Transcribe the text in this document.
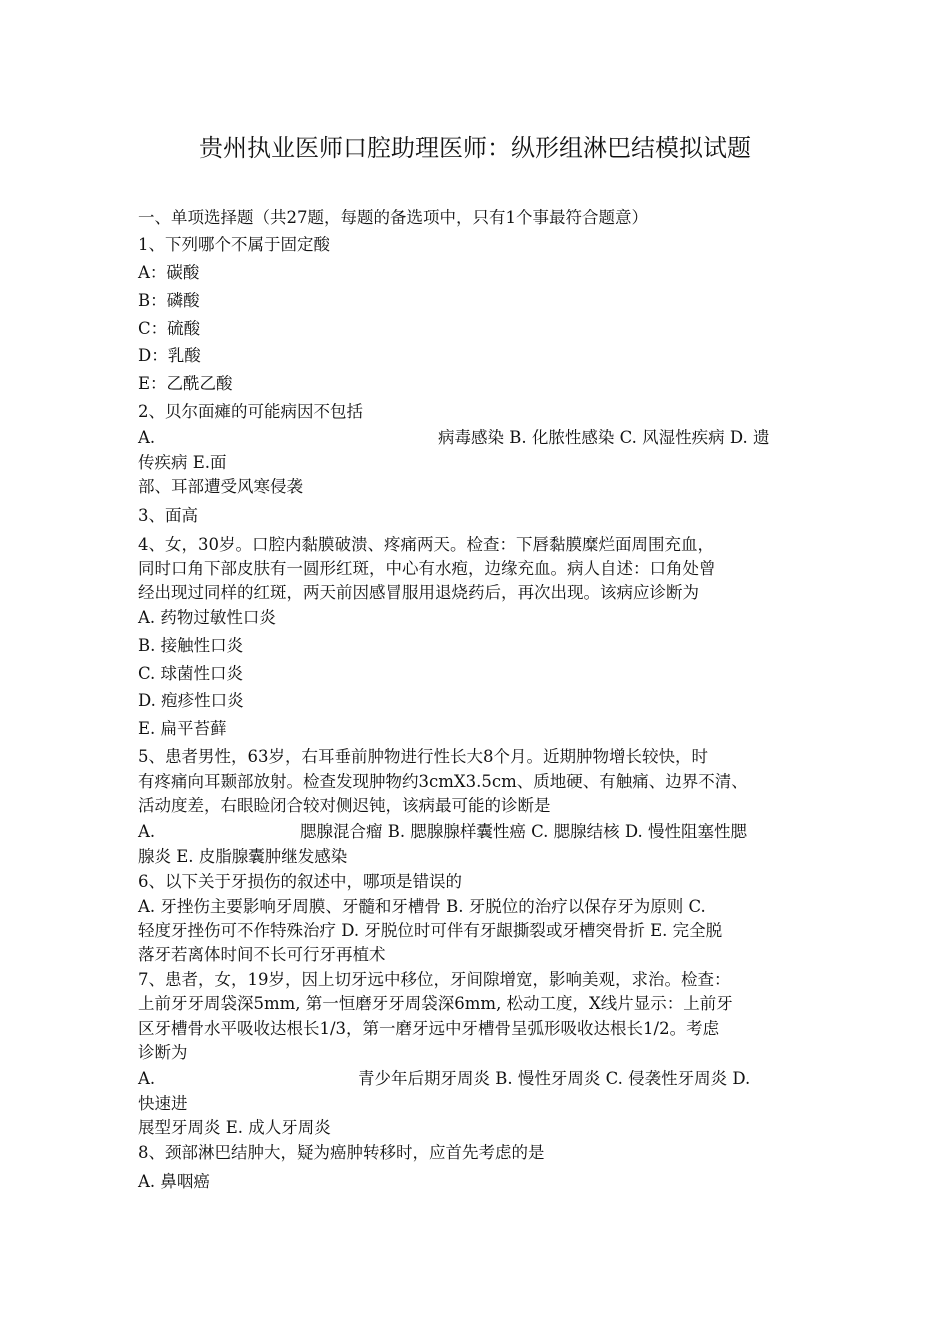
贵州执业医师口腔助理医师：纵形组淋巴结模拟试题
一、单项选择题（共27题，每题的备选项中，只有1个事最符合题意）
1、下列哪个不属于固定酸
A：碳酸
B：磷酸
C：硫酸
D：乳酸
E：乙酰乙酸
2、贝尔面瘫的可能病因不包括
A.	病毒感染 B. 化脓性感染 C. 风湿性疾病 D. 遗
传疾病 E.面
部、耳部遭受风寒侵袭
3、面高
4、女，30岁。口腔内黏膜破溃、疼痛两天。检查：下唇黏膜糜烂面周围充血，
同时口角下部皮肤有一圆形红斑，中心有水疱，边缘充血。病人自述：口角处曾
经出现过同样的红斑，两天前因感冒服用退烧药后，再次出现。该病应诊断为
A. 药物过敏性口炎
B. 接触性口炎
C. 球菌性口炎
D. 疱疹性口炎
E. 扁平苔藓
5、患者男性，63岁，右耳垂前肿物进行性长大8个月。近期肿物增长较快，时
有疼痛向耳颞部放射。检查发现肿物约3cmX3.5cm、质地硬、有触痛、边界不清、
活动度差，右眼睑闭合较对侧迟钝，该病最可能的诊断是
A.	腮腺混合瘤 B. 腮腺腺样囊性癌 C. 腮腺结核 D. 慢性阻塞性腮
腺炎 E. 皮脂腺囊肿继发感染
6、以下关于牙损伤的叙述中，哪项是错误的
A. 牙挫伤主要影响牙周膜、牙髓和牙槽骨 B. 牙脱位的治疗以保存牙为原则 C.
轻度牙挫伤可不作特殊治疗 D. 牙脱位时可伴有牙龈撕裂或牙槽突骨折 E. 完全脱
落牙若离体时间不长可行牙再植术
7、患者，女，19岁，因上切牙远中移位，牙间隙增宽，影响美观，求治。检查：
上前牙牙周袋深5mm, 第一恒磨牙牙周袋深6mm, 松动工度，X线片显示：上前牙
区牙槽骨水平吸收达根长1/3，第一磨牙远中牙槽骨呈弧形吸收达根长1/2。考虑
诊断为
A.	青少年后期牙周炎 B. 慢性牙周炎 C. 侵袭性牙周炎 D.
快速进
展型牙周炎 E. 成人牙周炎
8、颈部淋巴结肿大，疑为癌肿转移时，应首先考虑的是
A. 鼻咽癌
